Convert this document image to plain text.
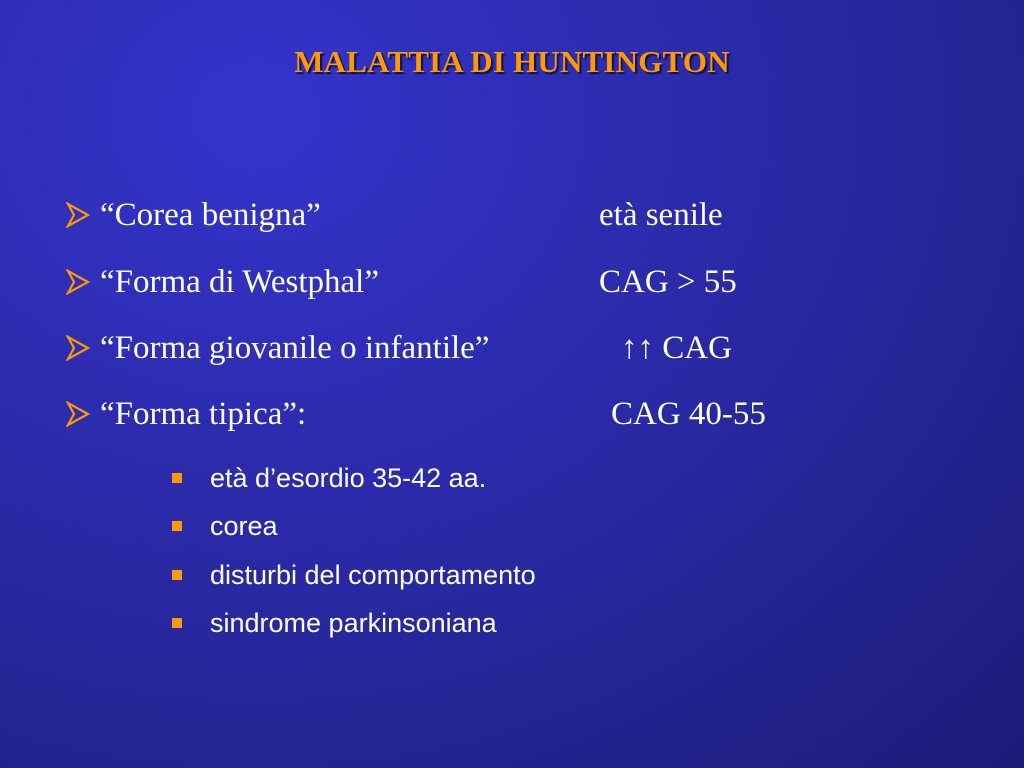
MALATTIA DI HUNTINGTON
“Corea benigna”	età senile
“Forma di Westphal”	CAG > 55
“Forma giovanile o infantile”	↑↑ CAG
“Forma tipica”:	CAG 40-55
età d’esordio 35-42 aa.
corea
disturbi del comportamento
sindrome parkinsoniana
